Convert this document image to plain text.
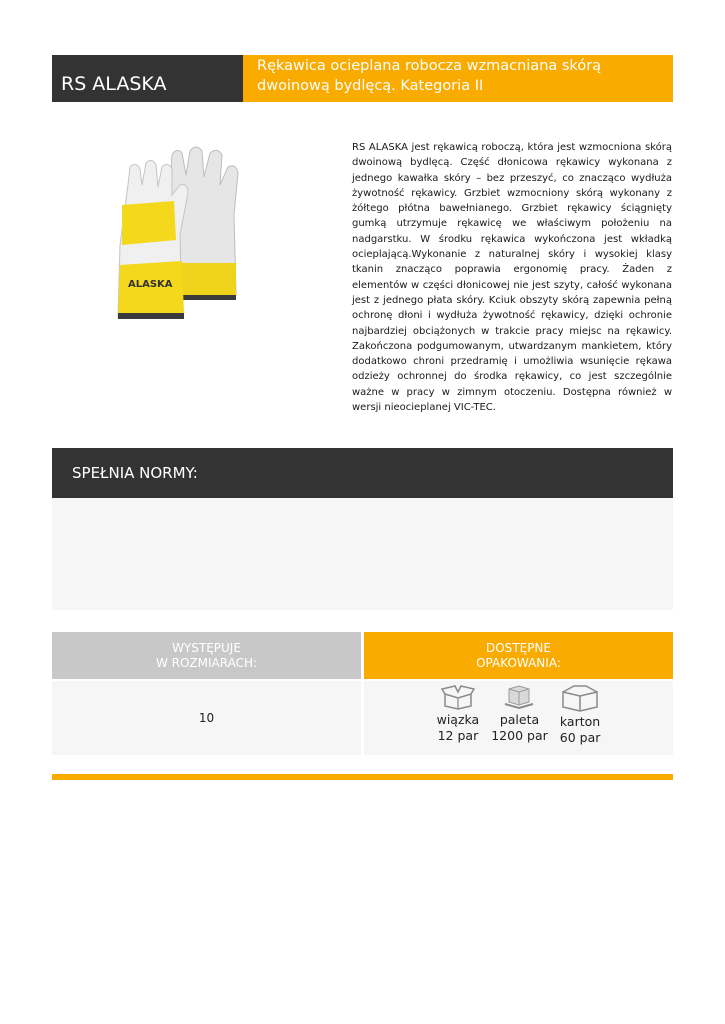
RS ALASKA
Rękawica ocieplana robocza wzmacniana skórą dwoinową bydlęcą. Kategoria II
ALASKA
RS ALASKA jest rękawicą roboczą, która jest wzmocniona skórą dwoinową bydlęcą. Część dłonicowa rękawicy wykonana z jednego kawałka skóry – bez przeszyć, co znacząco wydłuża żywotność rękawicy. Grzbiet wzmocniony skórą wykonany z żółtego płótna bawełnianego. Grzbiet rękawicy ściągnięty gumką utrzymuje rękawicę we właściwym położeniu na nadgarstku. W środku rękawica wykończona jest wkładką ocieplającą.Wykonanie z naturalnej skóry i wysokiej klasy tkanin znacząco poprawia ergonomię pracy. Żaden z elementów w części dłonicowej nie jest szyty, całość wykonana jest z jednego płata skóry. Kciuk obszyty skórą zapewnia pełną ochronę dłoni i wydłuża żywotność rękawicy, dzięki ochronie najbardziej obciążonych w trakcie pracy miejsc na rękawicy. Zakończona podgumowanym, utwardzanym mankietem, który dodatkowo chroni przedramię i umożliwia wsunięcie rękawa odzieży ochronnej do środka rękawicy, co jest szczególnie ważne w pracy w zimnym otoczeniu. Dostępna również w wersji nieocieplanej VIC-TEC.
SPEŁNIA NORMY:
WYSTĘPUJE
W ROZMIARACH:
DOSTĘPNE
OPAKOWANIA:
10	wiązka
12 par
paleta
1200 par
karton
60 par
